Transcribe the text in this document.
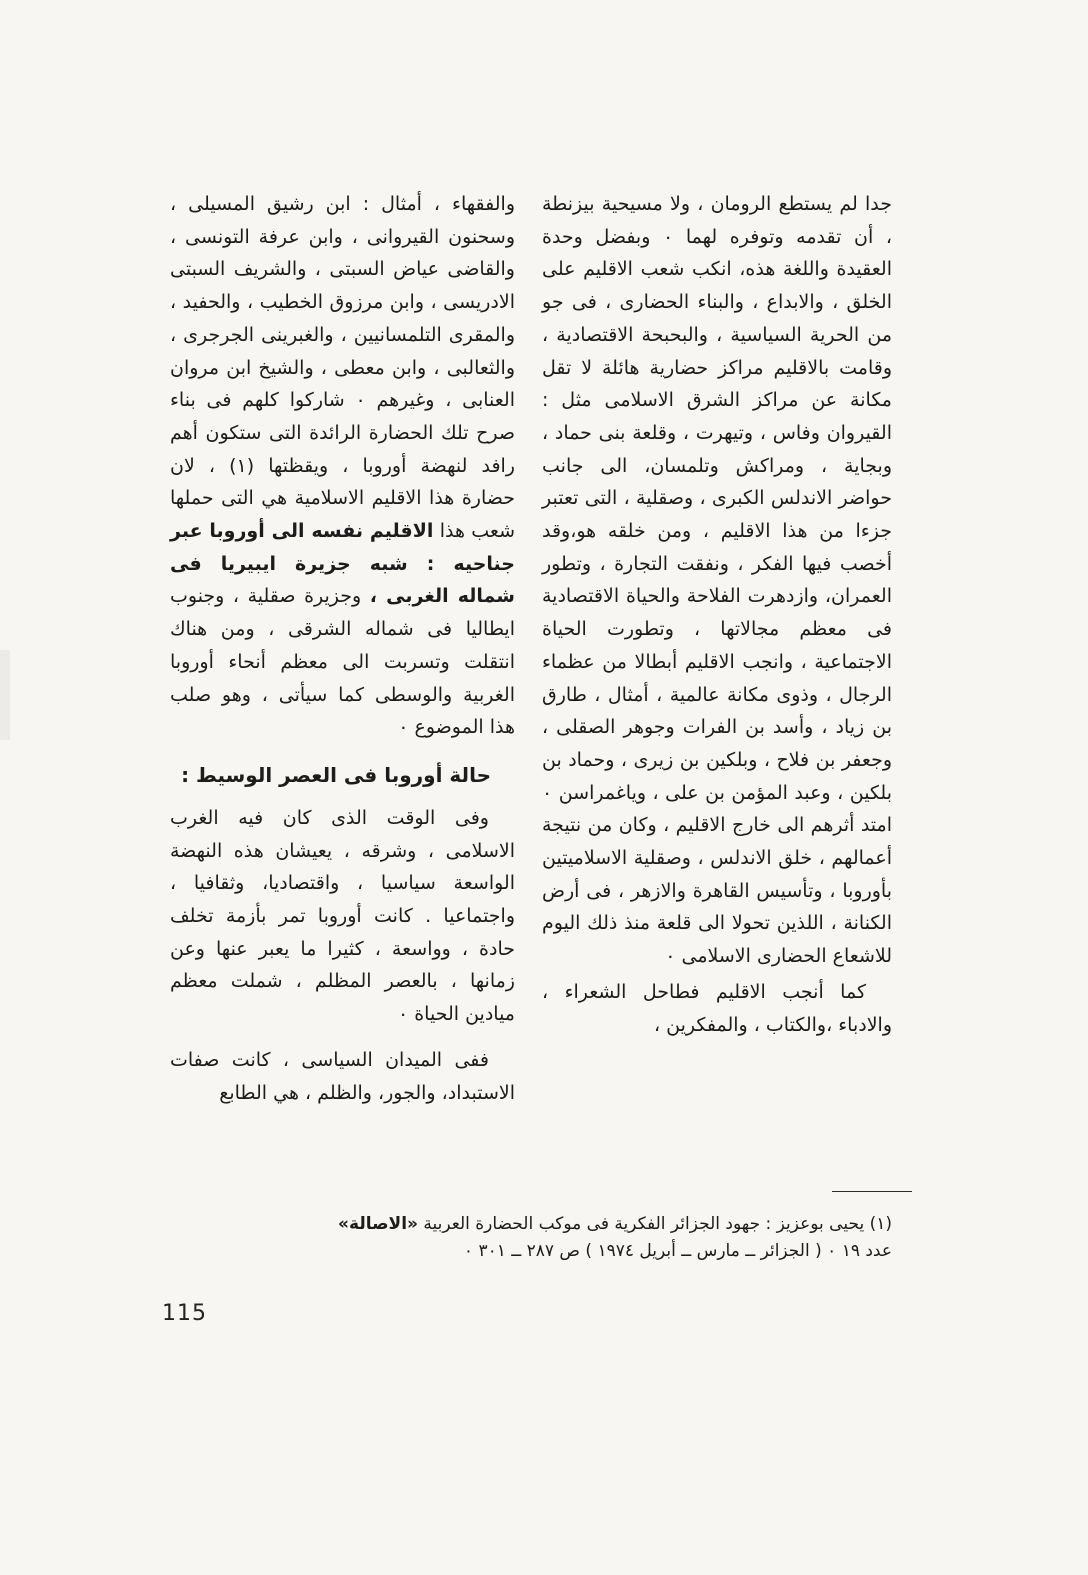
جدا لم يستطع الرومان ، ولا مسيحية بيزنطة ، أن تقدمه وتوفره لهما ٠ وبفضل وحدة العقيدة واللغة هذه، انكب شعب الاقليم على الخلق ، والابداع ، والبناء الحضارى ، فى جو من الحرية السياسية ، والبحبحة الاقتصادية ، وقامت بالاقليم مراكز حضارية هائلة لا تقل مكانة عن مراكز الشرق الاسلامى مثل : القيروان وفاس ، وتيهرت ، وقلعة بنى حماد ، وبجاية ، ومراكش وتلمسان، الى جانب حواضر الاندلس الكبرى ، وصقلية ، التى تعتبر جزءا من هذا الاقليم ، ومن خلقه هو،وقد أخصب فيها الفكر ، ونفقت التجارة ، وتطور العمران، وازدهرت الفلاحة والحياة الاقتصادية فى معظم مجالاتها ، وتطورت الحياة الاجتماعية ، وانجب الاقليم أبطالا من عظماء الرجال ، وذوى مكانة عالمية ، أمثال ، طارق بن زياد ، وأسد بن الفرات وجوهر الصقلى ، وجعفر بن فلاح ، وبلكين بن زيرى ، وحماد بن بلكين ، وعبد المؤمن بن على ، وياغمراسن ٠ امتد أثرهم الى خارج الاقليم ، وكان من نتيجة أعمالهم ، خلق الاندلس ، وصقلية الاسلاميتين بأوروبا ، وتأسيس القاهرة والازهر ، فى أرض الكنانة ، اللذين تحولا الى قلعة منذ ذلك اليوم للاشعاع الحضارى الاسلامى ٠

كما أنجب الاقليم فطاحل الشعراء ، والادباء ،والكتاب ، والمفكرين ،

والفقهاء ، أمثال : ابن رشيق المسيلى ، وسحنون القيروانى ، وابن عرفة التونسى ، والقاضى عياض السبتى ، والشريف السبتى الادريسى ، وابن مرزوق الخطيب ، والحفيد ، والمقرى التلمسانيين ، والغبرينى الجرجرى ، والثعالبى ، وابن معطى ، والشيخ ابن مروان العنابى ، وغيرهم ٠ شاركوا كلهم فى بناء صرح تلك الحضارة الرائدة التى ستكون أهم رافد لنهضة أوروبا ، ويقظتها (١) ، لان حضارة هذا الاقليم الاسلامية هي التى حملها شعب هذا الاقليم نفسه الى أوروبا عبر جناحيه : شبه جزيرة ايبيريا فى شماله الغربى ، وجزيرة صقلية ، وجنوب ايطاليا فى شماله الشرقى ، ومن هناك انتقلت وتسربت الى معظم أنحاء أوروبا الغربية والوسطى كما سيأتى ، وهو صلب هذا الموضوع ٠

حالة أوروبا فى العصر الوسيط :

وفى الوقت الذى كان فيه الغرب الاسلامى ، وشرقه ، يعيشان هذه النهضة الواسعة سياسيا ، واقتصاديا، وثقافيا ، واجتماعيا . كانت أوروبا تمر بأزمة تخلف حادة ، وواسعة ، كثيرا ما يعبر عنها وعن زمانها ، بالعصر المظلم ، شملت معظم ميادين الحياة ٠

ففى الميدان السياسى ، كانت صفات الاستبداد، والجور، والظلم ، هي الطابع

(١) يحيى بوعزيز : جهود الجزائر الفكرية فى موكب الحضارة العربية «الاصالة»
عدد ١٩ ٠ ( الجزائر ــ مارس ــ أبريل ١٩٧٤ ) ص ٢٨٧ ــ ٣٠١ ٠
115
